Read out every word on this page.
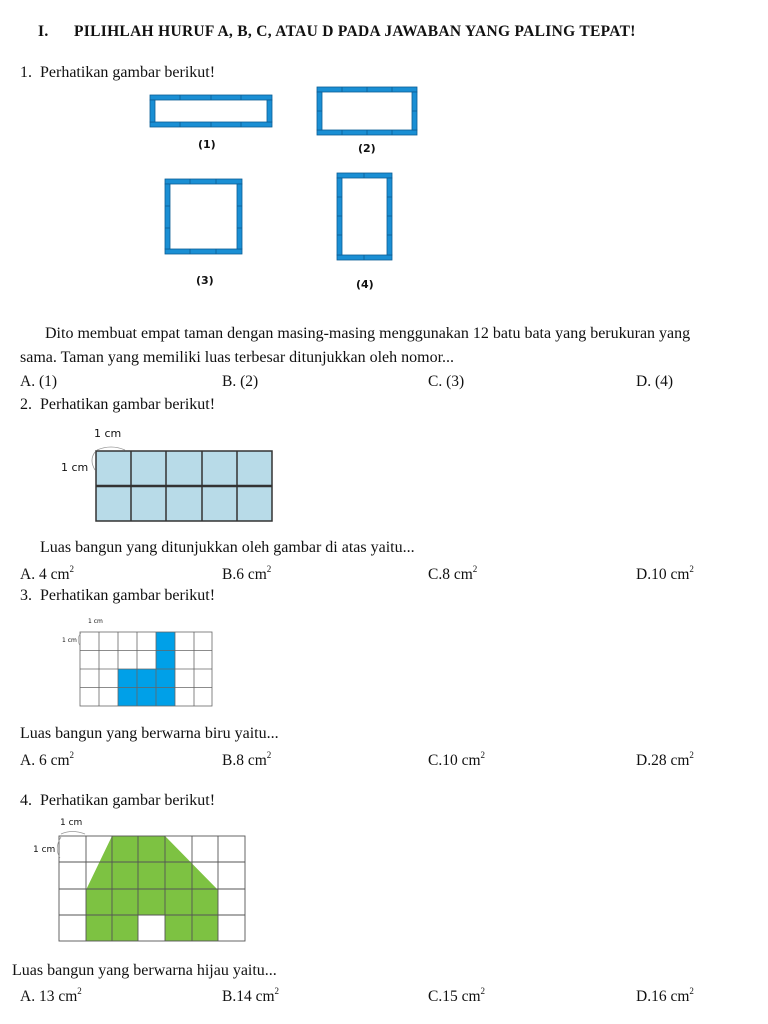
I. PILIHLAH HURUF A, B, C, ATAU D PADA JAWABAN YANG PALING TEPAT!
1. Perhatikan gambar berikut!
(1)	(2)
(3)	(4)
Dito membuat empat taman dengan masing-masing menggunakan 12 batu bata yang berukuran yang
sama. Taman yang memiliki luas terbesar ditunjukkan oleh nomor...
A. (1)	B. (2)	C. (3)	D. (4)
2. Perhatikan gambar berikut!
1 cm
1 cm
Luas bangun yang ditunjukkan oleh gambar di atas yaitu...
A. 4 $cm^2$	B.6 $cm^2$	C.8 $cm^2$	D.10 $cm^2$
3. Perhatikan gambar berikut!
1 cm
1 cm
Luas bangun yang berwarna biru yaitu...
A. 6 $cm^2$	B.8 $cm^2$	C.10 $cm^2$	D.28 $cm^2$
4. Perhatikan gambar berikut!
1 cm
1 cm
Luas bangun yang berwarna hijau yaitu...
A. 13 $cm^2$	B.14 $cm^2$	C.15 $cm^2$	D.16 $cm^2$
